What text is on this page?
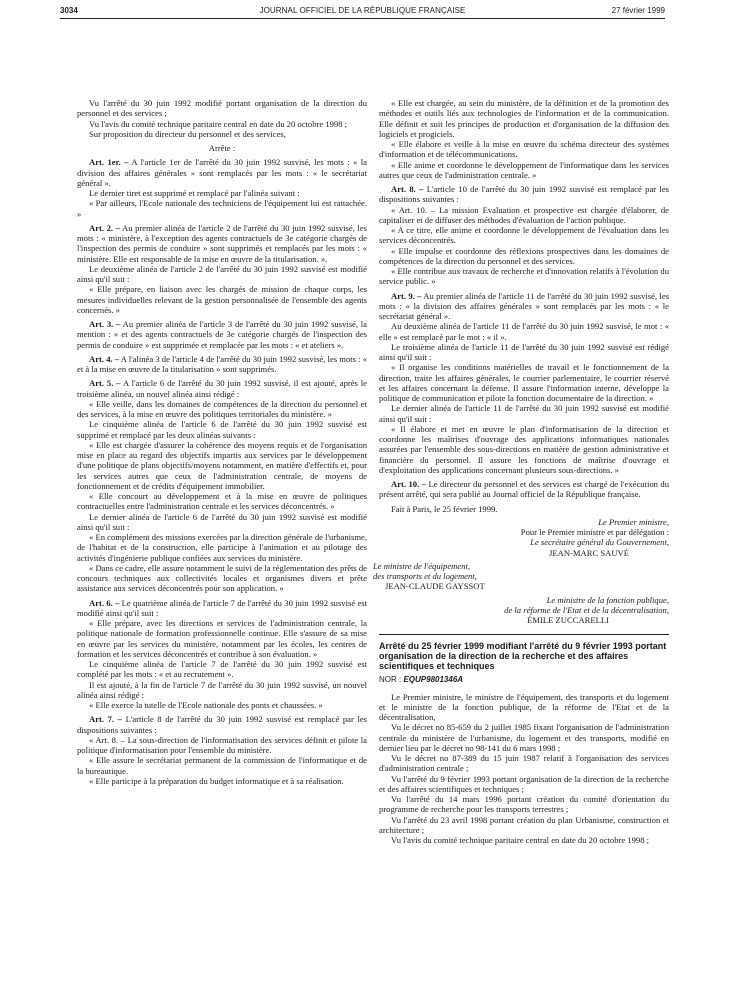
3034	JOURNAL OFFICIEL DE LA RÉPUBLIQUE FRANÇAISE	27 février 1999

Vu l'arrêté du 30 juin 1992 modifié portant organisation de la direction du personnel et des services ;

Vu l'avis du comité technique paritaire central en date du 20 octobre 1998 ;

Sur proposition du directeur du personnel et des services,

Arrête :

Art. 1er. – A l'article 1er de l'arrêté du 30 juin 1992 susvisé, les mots : « la division des affaires générales » sont remplacés par les mots : « le secrétariat général ».

Le dernier tiret est supprimé et remplacé par l'alinéa suivant :

« Par ailleurs, l'Ecole nationale des techniciens de l'équipement lui est rattachée. »

Art. 2. – Au premier alinéa de l'article 2 de l'arrêté du 30 juin 1992 susvisé, les mots : « ministère, à l'exception des agents contractuels de 3e catégorie chargés de l'inspection des permis de conduire » sont supprimés et remplacés par les mots : « ministère. Elle est responsable de la mise en œuvre de la titularisation. ».

Le deuxième alinéa de l'article 2 de l'arrêté du 30 juin 1992 susvisé est modifié ainsi qu'il suit :

« Elle prépare, en liaison avec les chargés de mission de chaque corps, les mesures individuelles relevant de la gestion personnalisée de l'ensemble des agents concernés. »

Art. 3. – Au premier alinéa de l'article 3 de l'arrêté du 30 juin 1992 susvisé, la mention : « et des agents contractuels de 3e catégorie chargés de l'inspection des permis de conduire » est supprimée et remplacée par les mots : « et ateliers ».

Art. 4. – A l'alinéa 3 de l'article 4 de l'arrêté du 30 juin 1992 susvisé, les mots : « et à la mise en œuvre de la titularisation » sont supprimés.

Art. 5. – A l'article 6 de l'arrêté du 30 juin 1992 susvisé, il est ajouté, après le troisième alinéa, un nouvel alinéa ainsi rédigé :

« Elle veille, dans les domaines de compétences de la direction du personnel et des services, à la mise en œuvre des politiques territoriales du ministère. »

Le cinquième alinéa de l'article 6 de l'arrêté du 30 juin 1992 susvisé est supprimé et remplacé par les deux alinéas suivants :

« Elle est chargée d'assurer la cohérence des moyens requis et de l'organisation mise en place au regard des objectifs impartis aux services par le développement d'une politique de plans objectifs/moyens notamment, en matière d'effectifs et, pour les services autres que ceux de l'administration centrale, de moyens de fonctionnement et de crédits d'équipement immobilier.

« Elle concourt au développement et à la mise en œuvre de politiques contractuelles entre l'administration centrale et les services déconcentrés. »

Le dernier alinéa de l'article 6 de l'arrêté du 30 juin 1992 susvisé est modifié ainsi qu'il suit :

« En complément des missions exercées par la direction générale de l'urbanisme, de l'habitat et de la construction, elle participe à l'animation et au pilotage des activités d'ingénierie publique confiées aux services du ministère.

« Dans ce cadre, elle assure notamment le suivi de la réglementation des prêts de concours techniques aux collectivités locales et organismes divers et prête assistance aux services déconcentrés pour son application. »

Art. 6. – Le quatrième alinéa de l'article 7 de l'arrêté du 30 juin 1992 susvisé est modifié ainsi qu'il suit :

« Elle prépare, avec les directions et services de l'administration centrale, la politique nationale de formation professionnelle continue. Elle s'assure de sa mise en œuvre par les services du ministère, notamment par les écoles, les centres de formation et les services déconcentrés et contribue à son évaluation. »

Le cinquième alinéa de l'article 7 de l'arrêté du 30 juin 1992 susvisé est complété par les mots : « et au recrutement ».

Il est ajouté, à la fin de l'article 7 de l'arrêté du 30 juin 1992 susvisé, un nouvel alinéa ainsi rédigé :

« Elle exerce la tutelle de l'Ecole nationale des ponts et chaussées. »

Art. 7. – L'article 8 de l'arrêté du 30 juin 1992 susvisé est remplacé par les dispositions suivantes :

« Art. 8. – La sous-direction de l'informatisation des services définit et pilote la politique d'informatisation pour l'ensemble du ministère.

« Elle assure le secrétariat permanent de la commission de l'informatique et de la bureautique.

« Elle participe à la préparation du budget informatique et à sa réalisation.

« Elle est chargée, au sein du ministère, de la définition et de la promotion des méthodes et outils liés aux technologies de l'information et de la communication. Elle définit et suit les principes de production et d'organisation de la diffusion des logiciels et progiciels.

« Elle élabore et veille à la mise en œuvre du schéma directeur des systèmes d'information et de télécommunications.

« Elle anime et coordonne le développement de l'informatique dans les services autres que ceux de l'administration centrale. »

Art. 8. – L'article 10 de l'arrêté du 30 juin 1992 susvisé est remplacé par les dispositions suivantes :

« Art. 10. – La mission Evaluation et prospective est chargée d'élaborer, de capitaliser et de diffuser des méthodes d'évaluation de l'action publique.

« A ce titre, elle anime et coordonne le développement de l'évaluation dans les services déconcentrés.

« Elle impulse et coordonne des réflexions prospectives dans les domaines de compétences de la direction du personnel et des services.

« Elle contribue aux travaux de recherche et d'innovation relatifs à l'évolution du service public. »

Art. 9. – Au premier alinéa de l'article 11 de l'arrêté du 30 juin 1992 susvisé, les mots : « la division des affaires générales » sont remplacés par les mots : « le secrétariat général ».

Au deuxième alinéa de l'article 11 de l'arrêté du 30 juin 1992 susvisé, le mot : « elle » est remplacé par le mot : « il ».

Le troisième alinéa de l'article 11 de l'arrêté du 30 juin 1992 susvisé est rédigé ainsi qu'il suit :

« Il organise les conditions matérielles de travail et le fonctionnement de la direction, traite les affaires générales, le courrier parlementaire, le courrier réservé et les affaires concernant la défense. Il assure l'information interne, développe la politique de communication et pilote la fonction documentaire de la direction. »

Le dernier alinéa de l'article 11 de l'arrêté du 30 juin 1992 susvisé est modifié ainsi qu'il suit :

« Il élabore et met en œuvre le plan d'informatisation de la direction et coordonne les maîtrises d'ouvrage des applications informatiques nationales assurées par l'ensemble des sous-directions en matière de gestion administrative et financière du personnel. Il assure les fonctions de maîtrise d'ouvrage et d'exploitation des applications concernant plusieurs sous-directions. »

Art. 10. – Le directeur du personnel et des services est chargé de l'exécution du présent arrêté, qui sera publié au Journal officiel de la République française.

Fait à Paris, le 25 février 1999.

Le Premier ministre,

Pour le Premier ministre et par délégation :

Le secrétaire général du Gouvernement,

JEAN-MARC SAUVÉ

Le ministre de l'équipement,

des transports et du logement,

JEAN-CLAUDE GAYSSOT

Le ministre de la fonction publique,

de la réforme de l'Etat et de la décentralisation,

ÉMILE ZUCCARELLI

Arrêté du 25 février 1999 modifiant l'arrêté du 9 février 1993 portant organisation de la direction de la recherche et des affaires scientifiques et techniques

NOR : EQUP9801346A

Le Premier ministre, le ministre de l'équipement, des transports et du logement et le ministre de la fonction publique, de la réforme de l'Etat et de la décentralisation,

Vu le décret no 85-659 du 2 juillet 1985 fixant l'organisation de l'administration centrale du ministère de l'urbanisme, du logement et des transports, modifié en dernier lieu par le décret no 98-141 du 6 mars 1998 ;

Vu le décret no 87-389 du 15 juin 1987 relatif à l'organisation des services d'administration centrale ;

Vu l'arrêté du 9 février 1993 portant organisation de la direction de la recherche et des affaires scientifiques et techniques ;

Vu l'arrêté du 14 mars 1996 portant création du comité d'orientation du programme de recherche pour les transports terrestres ;

Vu l'arrêté du 23 avril 1998 portant création du plan Urbanisme, construction et architecture ;

Vu l'avis du comité technique paritaire central en date du 20 octobre 1998 ;
